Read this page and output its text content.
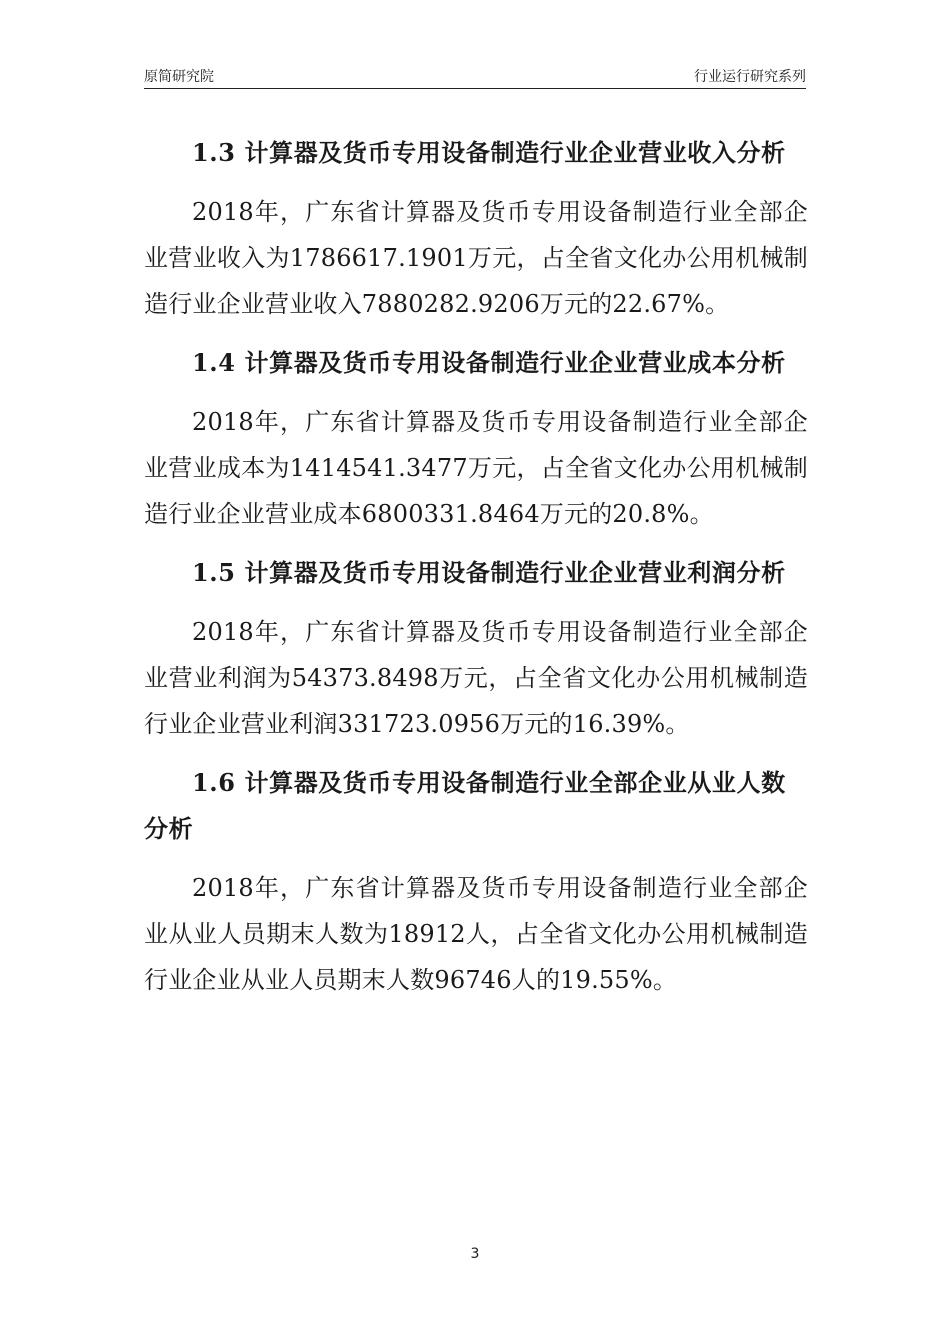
原简研究院	行业运行研究系列

1.3 计算器及货币专用设备制造行业企业营业收入分析

2018年，广东省计算器及货币专用设备制造行业全部企业营业收入为1786617.1901万元，占全省文化办公用机械制造行业企业营业收入7880282.9206万元的22.67%。

1.4 计算器及货币专用设备制造行业企业营业成本分析

2018年，广东省计算器及货币专用设备制造行业全部企业营业成本为1414541.3477万元，占全省文化办公用机械制造行业企业营业成本6800331.8464万元的20.8%。

1.5 计算器及货币专用设备制造行业企业营业利润分析

2018年，广东省计算器及货币专用设备制造行业全部企业营业利润为54373.8498万元，占全省文化办公用机械制造行业企业营业利润331723.0956万元的16.39%。

1.6 计算器及货币专用设备制造行业全部企业从业人数分析

2018年，广东省计算器及货币专用设备制造行业全部企业从业人员期末人数为18912人，占全省文化办公用机械制造行业企业从业人员期末人数96746人的19.55%。

3
